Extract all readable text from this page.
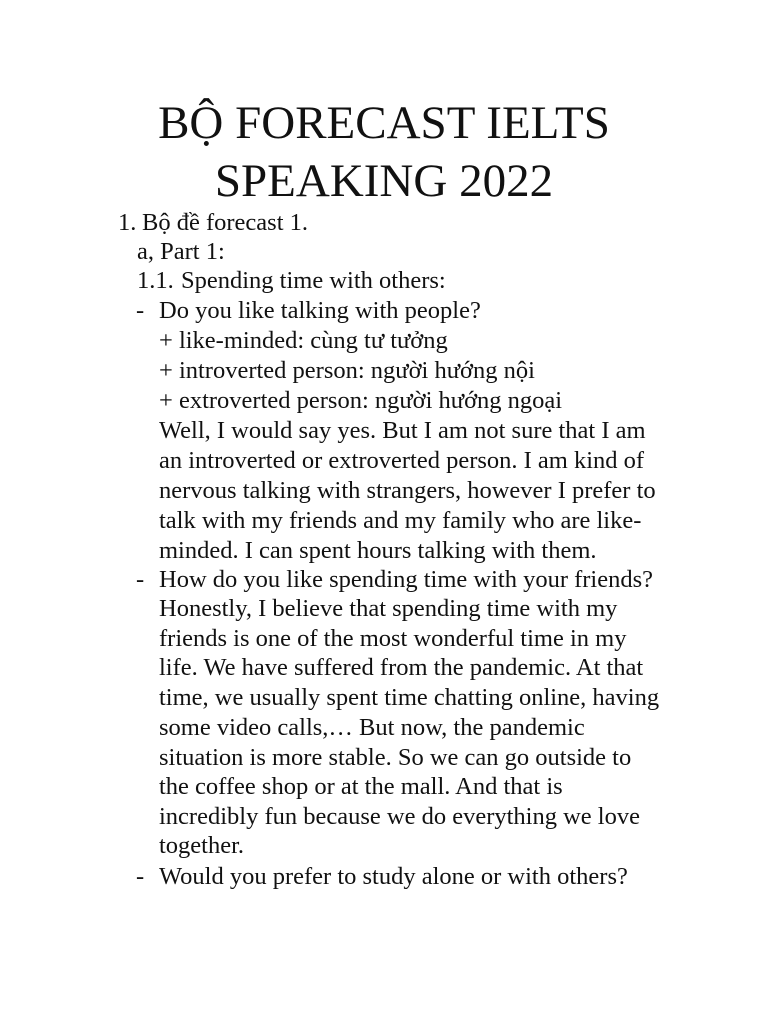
BỘ FORECAST IELTS
SPEAKING 2022
1. Bộ đề forecast 1.
a, Part 1:
1.1. Spending time with others:
- Do you like talking with people?
+ like-minded: cùng tư tưởng
+ introverted person: người hướng nội
+ extroverted person: người hướng ngoại
Well, I would say yes. But I am not sure that I am
an introverted or extroverted person. I am kind of
nervous talking with strangers, however I prefer to
talk with my friends and my family who are like-
minded. I can spent hours talking with them.
- How do you like spending time with your friends?
Honestly, I believe that spending time with my
friends is one of the most wonderful time in my
life. We have suffered from the pandemic. At that
time, we usually spent time chatting online, having
some video calls,… But now, the pandemic
situation is more stable. So we can go outside to
the coffee shop or at the mall. And that is
incredibly fun because we do everything we love
together.
- Would you prefer to study alone or with others?
